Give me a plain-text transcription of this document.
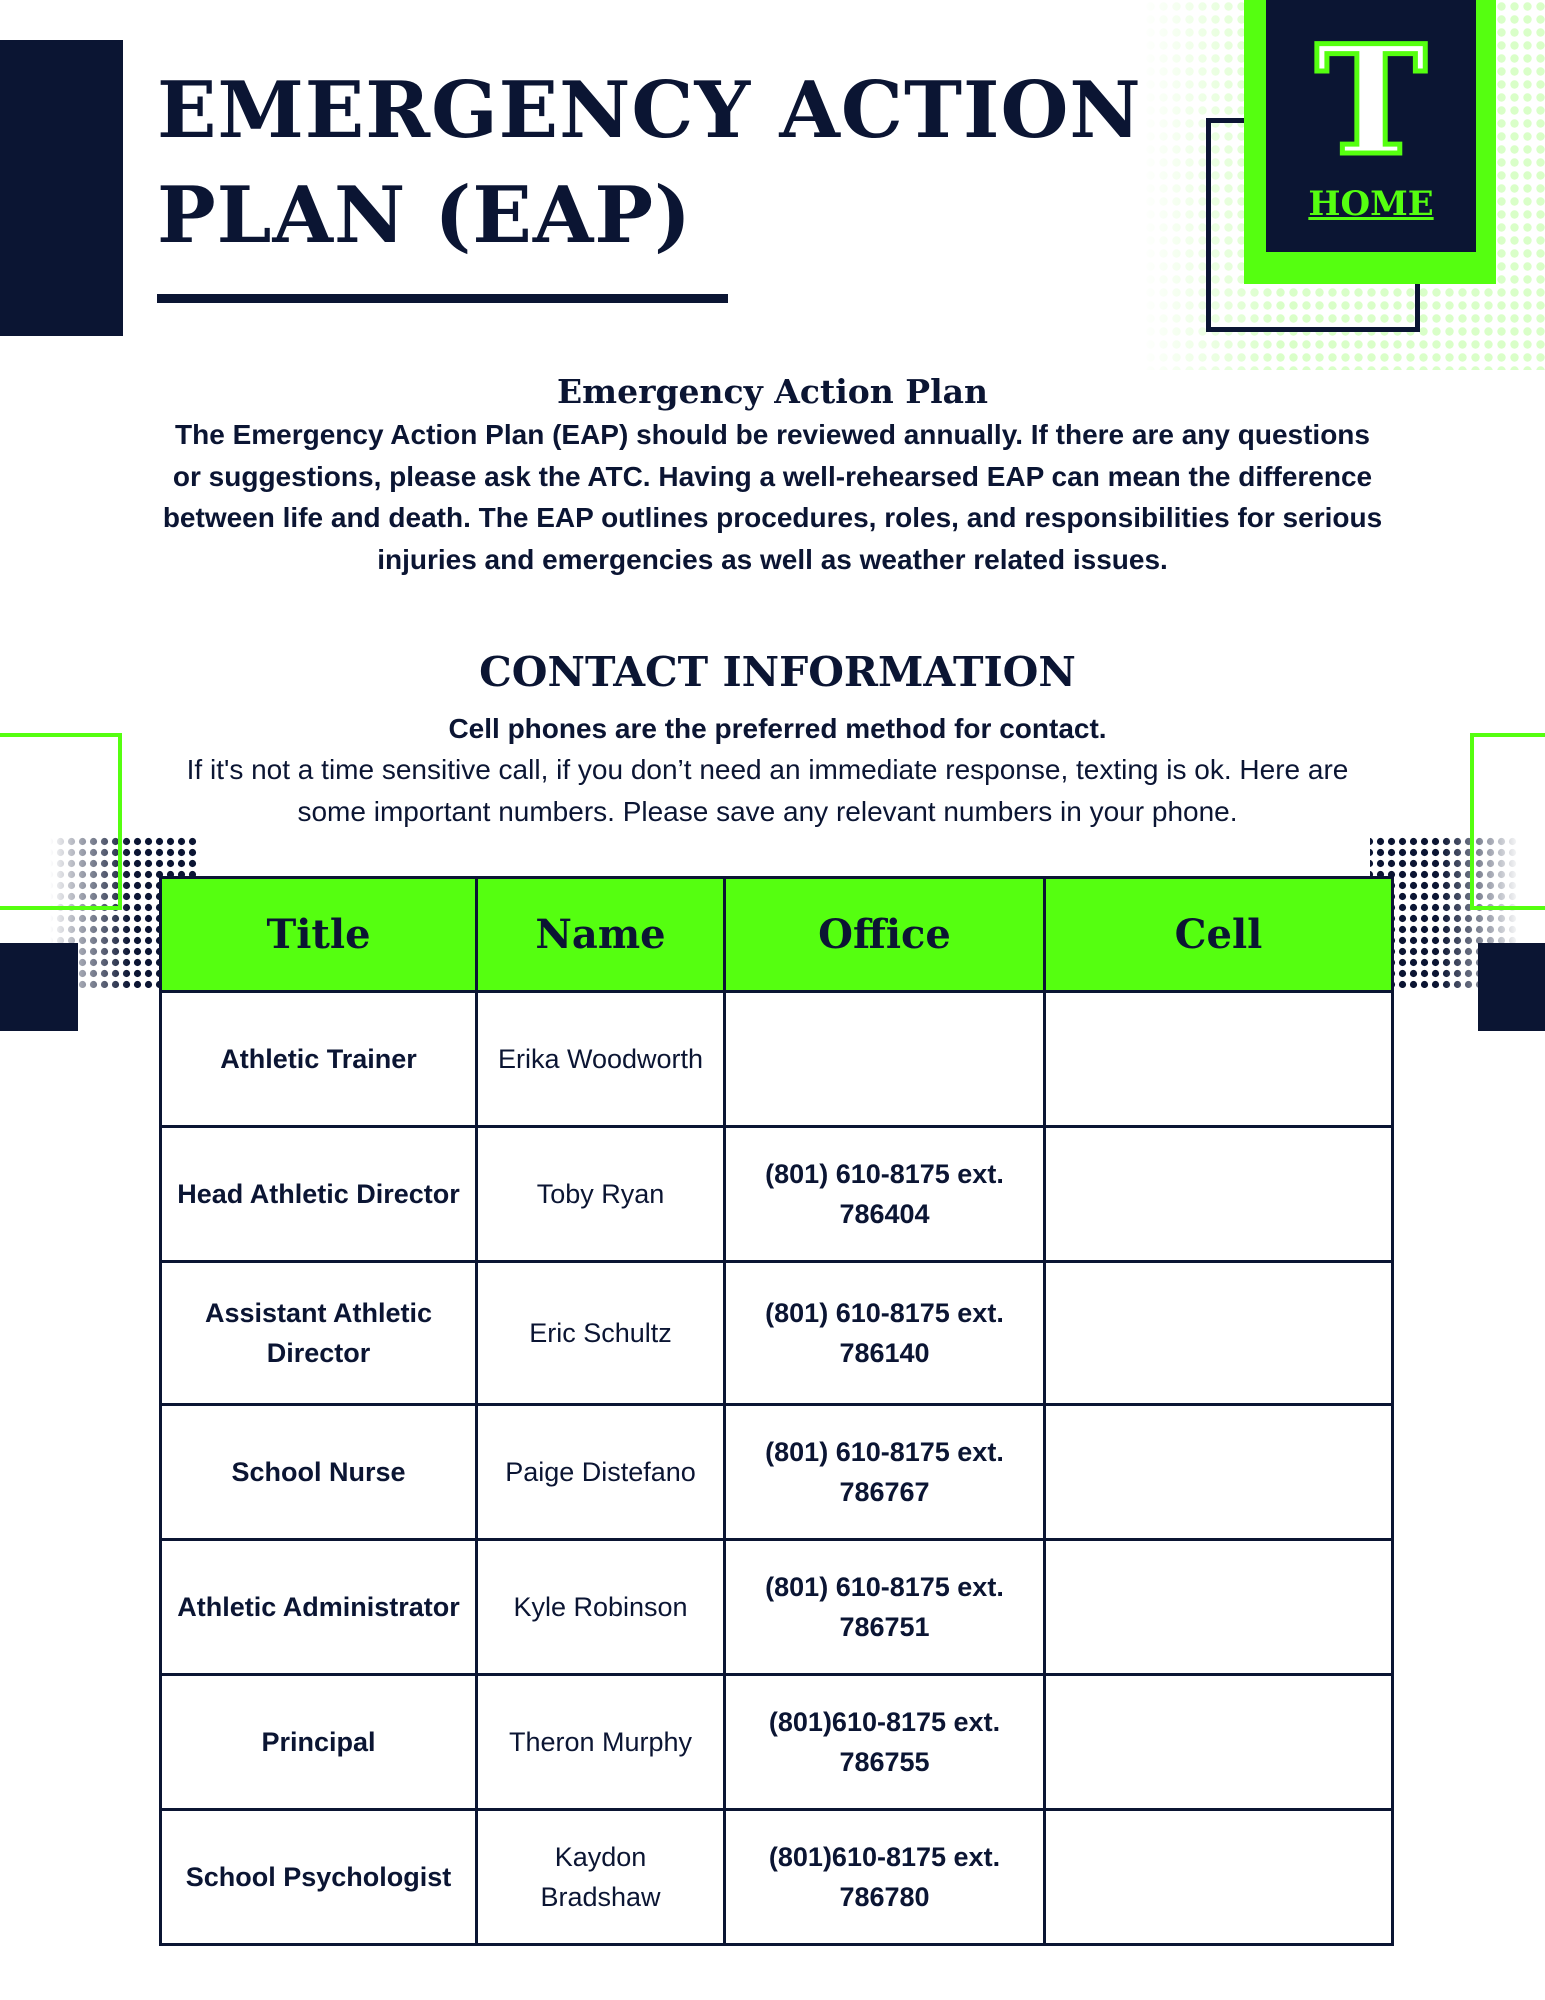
EMERGENCY ACTION
PLAN (EAP)
T
HOME
Emergency Action Plan
The Emergency Action Plan (EAP) should be reviewed annually. If there are any questions or suggestions, please ask the ATC. Having a well-rehearsed EAP can mean the difference between life and death. The EAP outlines procedures, roles, and responsibilities for serious injuries and emergencies as well as weather related issues.
CONTACT INFORMATION
Cell phones are the preferred method for contact.
If it's not a time sensitive call, if you don’t need an immediate response, texting is ok. Here are some important numbers. Please save any relevant numbers in your phone.
Title	Name	Office	Cell
Athletic Trainer	Erika Woodworth		
Head Athletic Director	Toby Ryan	(801) 610-8175 ext. 786404	
Assistant Athletic Director	Eric Schultz	(801) 610-8175 ext. 786140	
School Nurse	Paige Distefano	(801) 610-8175 ext. 786767	
Athletic Administrator	Kyle Robinson	(801) 610-8175 ext. 786751	
Principal	Theron Murphy	(801)610-8175 ext. 786755	
School Psychologist	Kaydon Bradshaw	(801)610-8175 ext. 786780	
